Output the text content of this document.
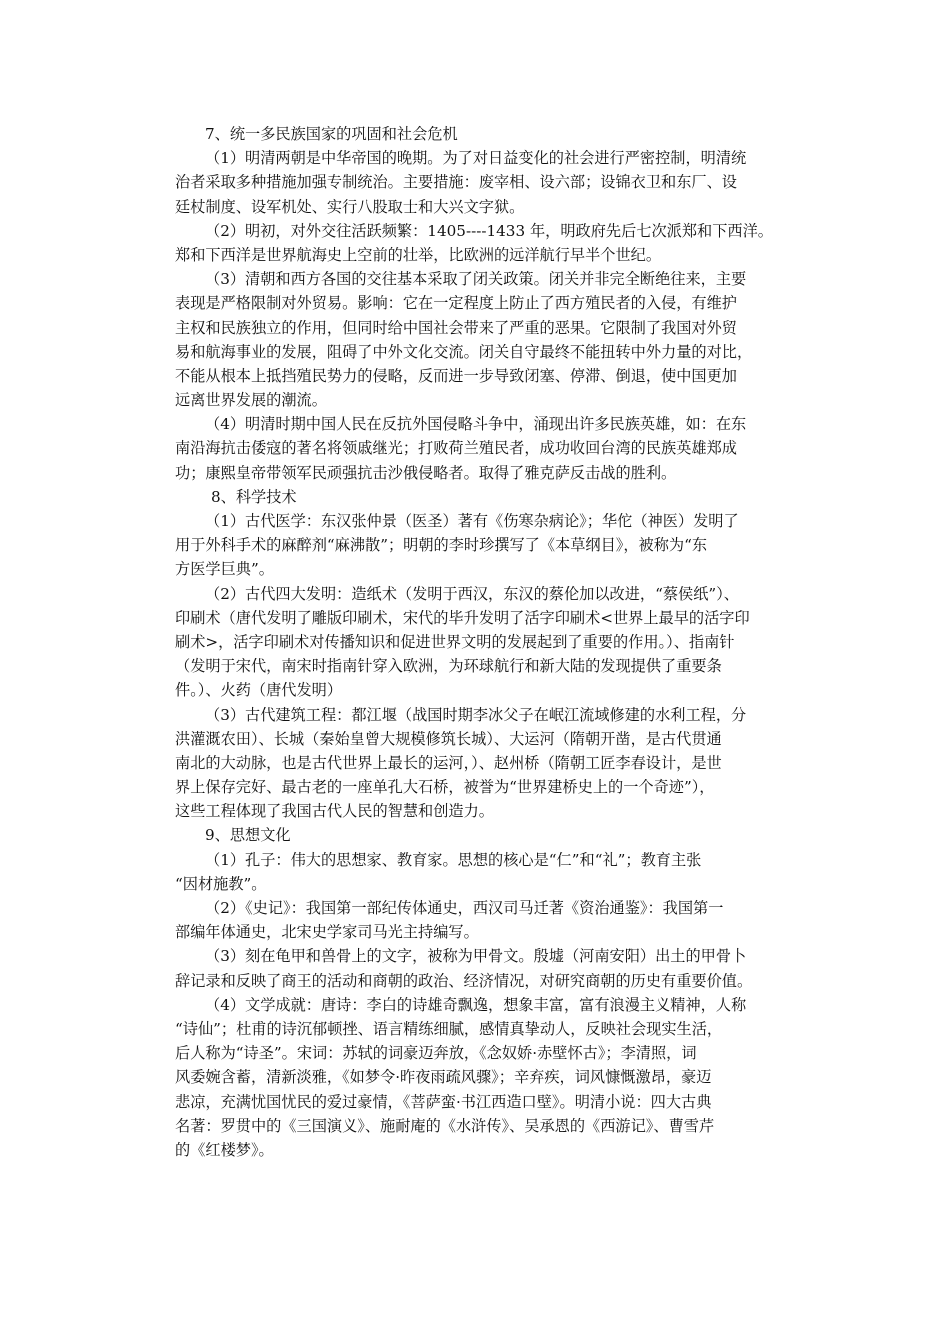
7、统一多民族国家的巩固和社会危机
（1）明清两朝是中华帝国的晚期。为了对日益变化的社会进行严密控制，明清统
治者采取多种措施加强专制统治。主要措施：废宰相、设六部；设锦衣卫和东厂、设
廷杖制度、设军机处、实行八股取士和大兴文字狱。
（2）明初，对外交往活跃频繁：1405----1433 年，明政府先后七次派郑和下西洋。
郑和下西洋是世界航海史上空前的壮举，比欧洲的远洋航行早半个世纪。
（3）清朝和西方各国的交往基本采取了闭关政策。闭关并非完全断绝往来，主要
表现是严格限制对外贸易。影响：它在一定程度上防止了西方殖民者的入侵，有维护
主权和民族独立的作用，但同时给中国社会带来了严重的恶果。它限制了我国对外贸
易和航海事业的发展，阻碍了中外文化交流。闭关自守最终不能扭转中外力量的对比，
不能从根本上抵挡殖民势力的侵略，反而进一步导致闭塞、停滞、倒退，使中国更加
远离世界发展的潮流。
（4）明清时期中国人民在反抗外国侵略斗争中，涌现出许多民族英雄，如：在东
南沿海抗击倭寇的著名将领戚继光；打败荷兰殖民者，成功收回台湾的民族英雄郑成
功；康熙皇帝带领军民顽强抗击沙俄侵略者。取得了雅克萨反击战的胜利。
8、科学技术
（1）古代医学：东汉张仲景（医圣）著有《伤寒杂病论》；华佗（神医）发明了
用于外科手术的麻醉剂“麻沸散”；明朝的李时珍撰写了《本草纲目》，被称为“东
方医学巨典”。
（2）古代四大发明：造纸术（发明于西汉，东汉的蔡伦加以改进，“蔡侯纸”）、
印刷术（唐代发明了雕版印刷术，宋代的毕升发明了活字印刷术<世界上最早的活字印
刷术>，活字印刷术对传播知识和促进世界文明的发展起到了重要的作用。）、指南针
（发明于宋代，南宋时指南针穿入欧洲，为环球航行和新大陆的发现提供了重要条
件。）、火药（唐代发明）
（3）古代建筑工程：都江堰（战国时期李冰父子在岷江流域修建的水利工程，分
洪灌溉农田）、长城（秦始皇曾大规模修筑长城）、大运河（隋朝开凿，是古代贯通
南北的大动脉，也是古代世界上最长的运河，）、赵州桥（隋朝工匠李春设计，是世
界上保存完好、最古老的一座单孔大石桥，被誉为“世界建桥史上的一个奇迹”），
这些工程体现了我国古代人民的智慧和创造力。
9、思想文化
（1）孔子：伟大的思想家、教育家。思想的核心是“仁”和“礼”；教育主张
“因材施教”。
（2）《史记》：我国第一部纪传体通史，西汉司马迁著《资治通鉴》：我国第一
部编年体通史，北宋史学家司马光主持编写。
（3）刻在龟甲和兽骨上的文字，被称为甲骨文。殷墟（河南安阳）出土的甲骨卜
辞记录和反映了商王的活动和商朝的政治、经济情况，对研究商朝的历史有重要价值。
（4）文学成就：唐诗：李白的诗雄奇飘逸，想象丰富，富有浪漫主义精神，人称
“诗仙”；杜甫的诗沉郁顿挫、语言精练细腻，感情真挚动人，反映社会现实生活，
后人称为“诗圣”。宋词：苏轼的词豪迈奔放，《念奴娇·赤壁怀古》；李清照，词
风委婉含蓄，清新淡雅，《如梦令·昨夜雨疏风骤》；辛弃疾，词风慷慨激昂，豪迈
悲凉，充满忧国忧民的爱过豪情，《菩萨蛮·书江西造口壁》。明清小说：四大古典
名著：罗贯中的《三国演义》、施耐庵的《水浒传》、吴承恩的《西游记》、曹雪芹
的《红楼梦》。
